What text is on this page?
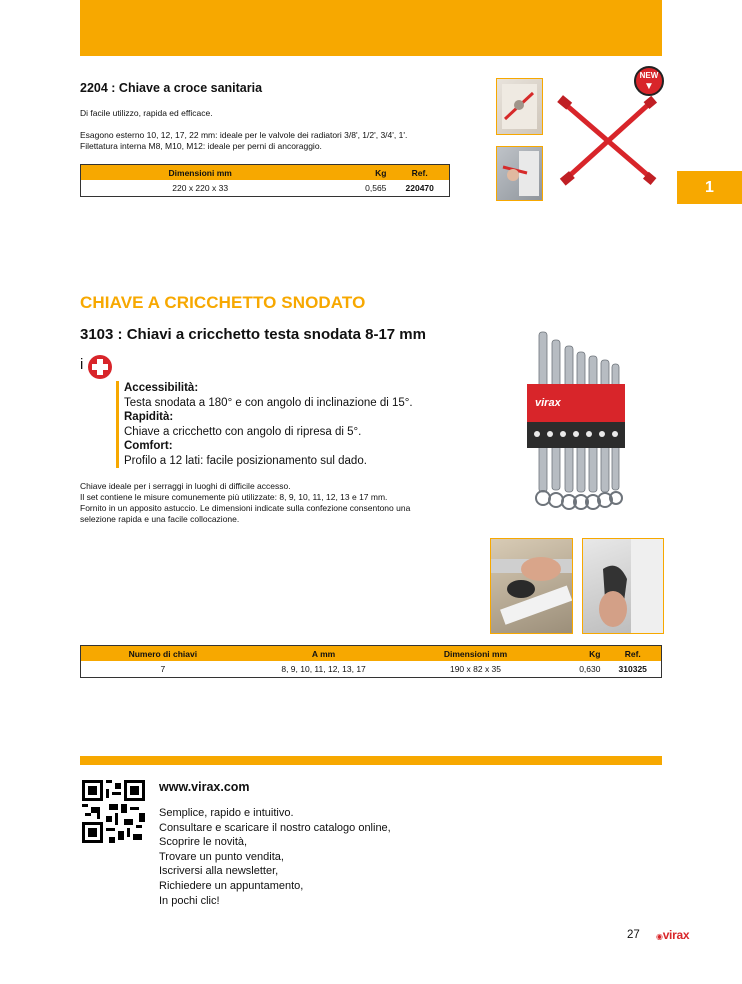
1
2204 : Chiave a croce sanitaria
Di facile utilizzo, rapida ed efficace.
Esagono esterno 10, 12, 17, 22 mm: ideale per le valvole dei radiatori 3/8', 1/2', 3/4', 1'.
Filettatura interna M8, M10, M12: ideale per perni di ancoraggio.
Dimensioni mm	Kg	Ref.
220 x 220 x 33	0,565	220470
NEW
▼
CHIAVE A CRICCHETTO SNODATO
3103 : Chiavi a cricchetto testa snodata 8-17 mm
i
Accessibilità:
Testa snodata a 180° e con angolo di inclinazione di 15°.
Rapidità:
Chiave a cricchetto con angolo di ripresa di 5°.
Comfort:
Profilo a 12 lati: facile posizionamento sul dado.
Chiave ideale per i serraggi in luoghi di difficile accesso.
Il set contiene le misure comunemente più utilizzate: 8, 9, 10, 11, 12, 13 e 17 mm.
Fornito in un apposito astuccio. Le dimensioni indicate sulla confezione consentono una
selezione rapida e una facile collocazione.
virax
Numero di chiavi	A mm	Dimensioni mm	Kg	Ref.
7	8, 9, 10, 11, 12, 13, 17	190 x 82 x 35	0,630	310325
www.virax.com
Semplice, rapido e intuitivo.
Consultare e scaricare il nostro catalogo online,
Scoprire le novità,
Trovare un punto vendita,
Iscriversi alla newsletter,
Richiedere un appuntamento,
In pochi clic!
27 ◉virax
